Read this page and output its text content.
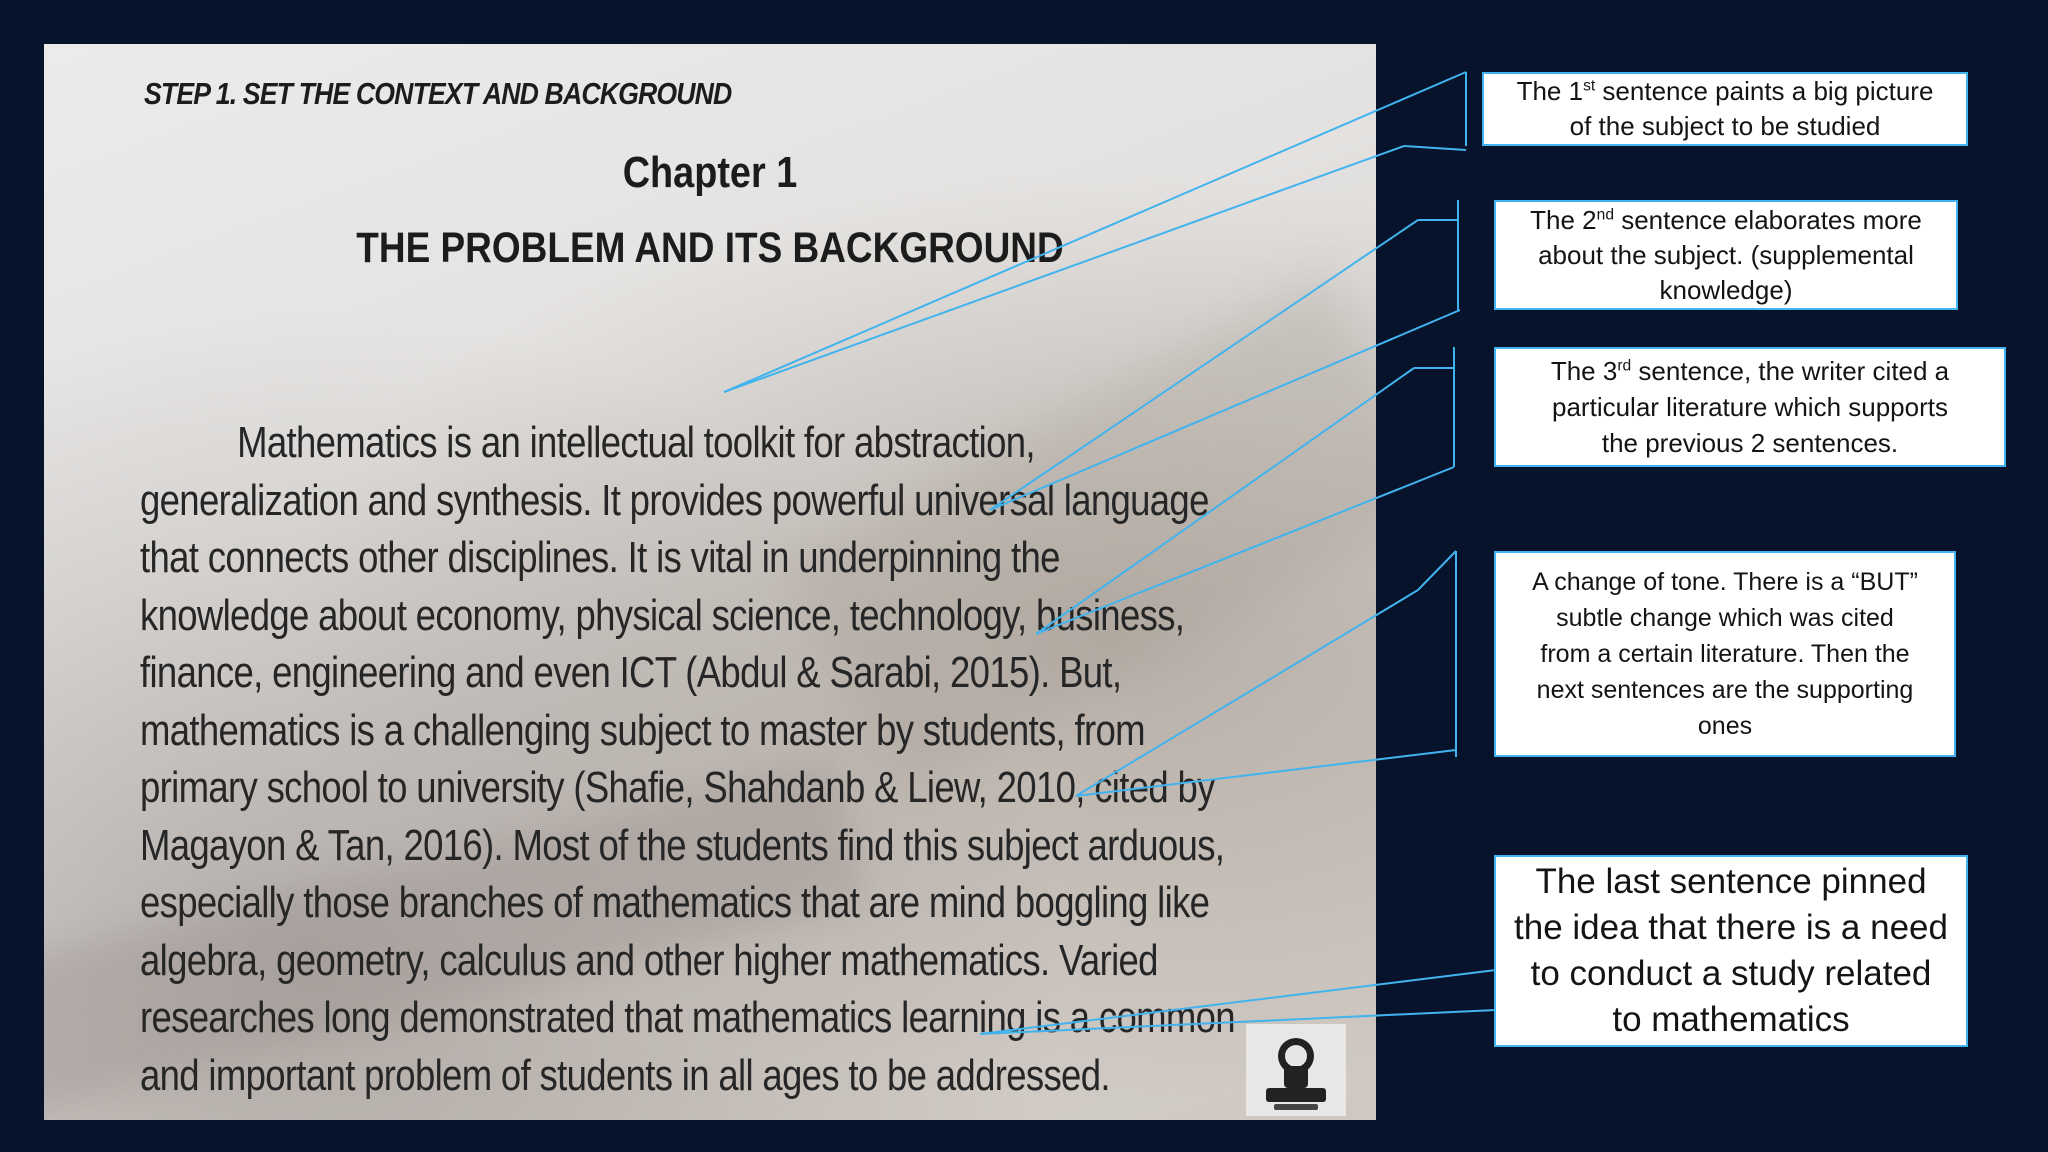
STEP 1. SET THE CONTEXT AND BACKGROUND
Chapter 1
THE PROBLEM AND ITS BACKGROUND
Mathematics is an intellectual toolkit for abstraction,
generalization and synthesis. It provides powerful universal language
that connects other disciplines. It is vital in underpinning the
knowledge about economy, physical science, technology, business,
finance, engineering and even ICT (Abdul & Sarabi, 2015). But,
mathematics is a challenging subject to master by students, from
primary school to university (Shafie, Shahdanb & Liew, 2010, cited by
Magayon & Tan, 2016). Most of the students find this subject arduous,
especially those branches of mathematics that are mind boggling like
algebra, geometry, calculus and other higher mathematics. Varied
researches long demonstrated that mathematics learning is a common
and important problem of students in all ages to be addressed.
The 1st sentence paints a big picture
of the subject to be studied
The 2nd sentence elaborates more
about the subject. (supplemental
knowledge)
The 3rd sentence, the writer cited a
particular literature which supports
the previous 2 sentences.
A change of tone. There is a “BUT”
subtle change which was cited
from a certain literature. Then the
next sentences are the supporting
ones
The last sentence pinned
the idea that there is a need
to conduct a study related
to mathematics
